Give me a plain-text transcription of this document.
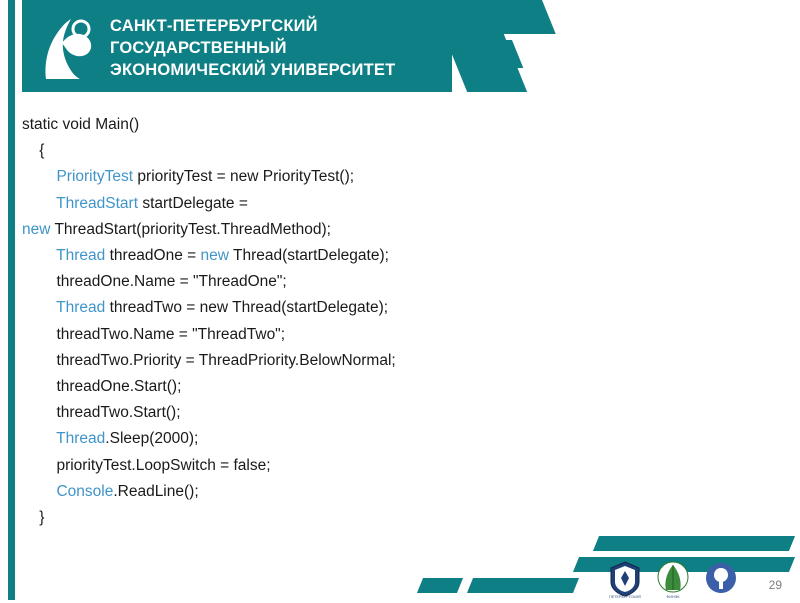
САНКТ-ПЕТЕРБУРГСКИЙ
ГОСУДАРСТВЕННЫЙ
ЭКОНОМИЧЕСКИЙ УНИВЕРСИТЕТ
static void Main()
{
PriorityTest priorityTest = new PriorityTest();
ThreadStart startDelegate =
new ThreadStart(priorityTest.ThreadMethod);
Thread threadOne = new Thread(startDelegate);
threadOne.Name = "ThreadOne";
Thread threadTwo = new Thread(startDelegate);
threadTwo.Name = "ThreadTwo";
threadTwo.Priority = ThreadPriority.BelowNormal;
threadOne.Start();
threadTwo.Start();
Thread.Sleep(2000);
priorityTest.LoopSwitch = false;
Console.ReadLine();
}
САНКТ-ПЕТЕРБУРГСКИЙ	ФИНЭК
29
